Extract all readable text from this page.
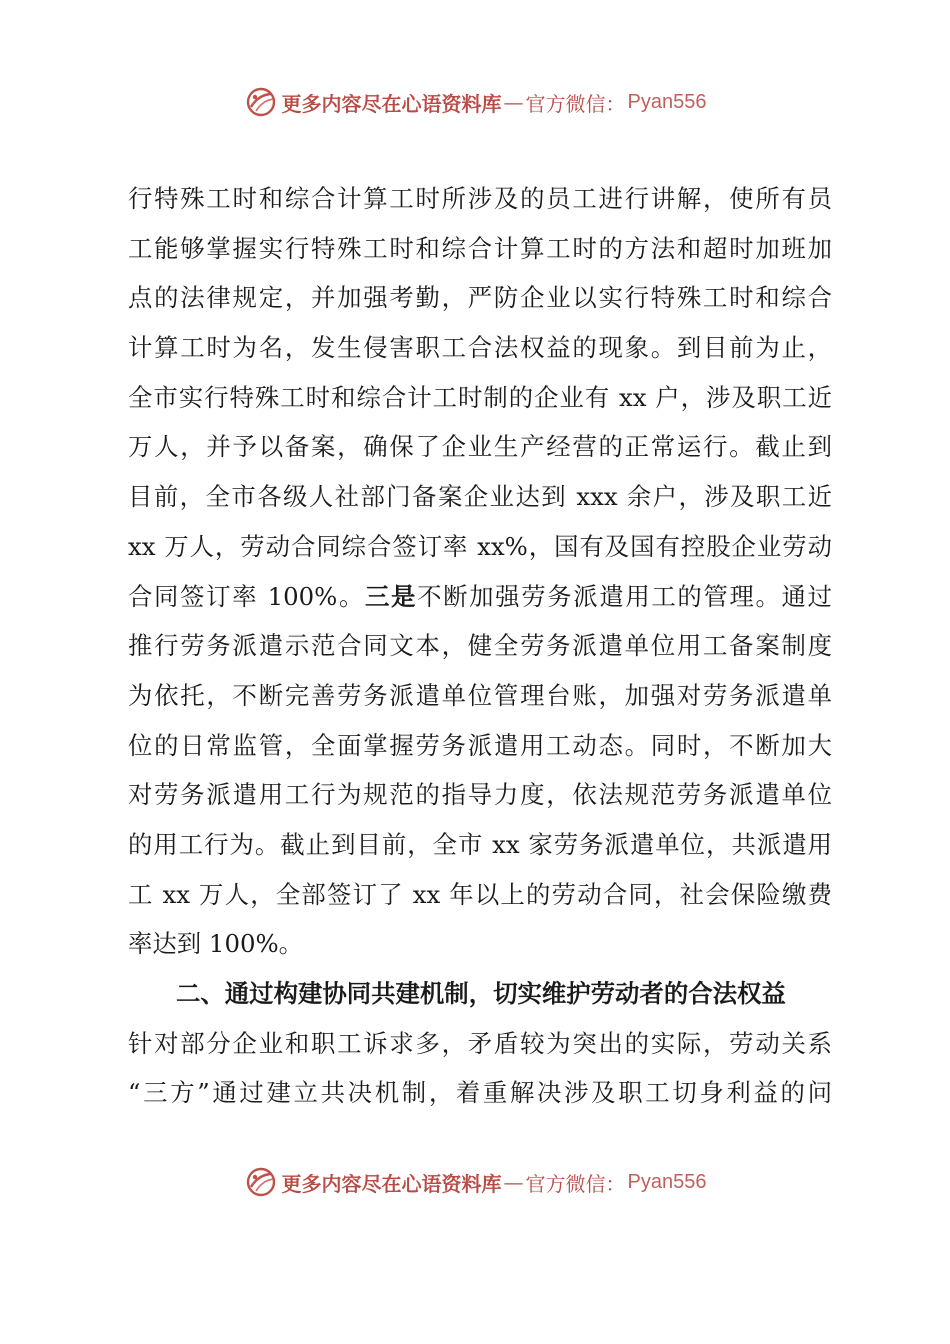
更多内容尽在心语资料库 — 官方微信： Pyan556
行特殊工时和综合计算工时所涉及的员工进行讲解，使所有员
工能够掌握实行特殊工时和综合计算工时的方法和超时加班加
点的法律规定，并加强考勤，严防企业以实行特殊工时和综合
计算工时为名，发生侵害职工合法权益的现象。到目前为止，
全市实行特殊工时和综合计工时制的企业有 xx 户，涉及职工近
万人，并予以备案，确保了企业生产经营的正常运行。截止到
目前，全市各级人社部门备案企业达到 xxx 余户，涉及职工近
xx 万人，劳动合同综合签订率 xx%，国有及国有控股企业劳动
合同签订率 100%。三是不断加强劳务派遣用工的管理。通过
推行劳务派遣示范合同文本，健全劳务派遣单位用工备案制度
为依托，不断完善劳务派遣单位管理台账，加强对劳务派遣单
位的日常监管，全面掌握劳务派遣用工动态。同时，不断加大
对劳务派遣用工行为规范的指导力度，依法规范劳务派遣单位
的用工行为。截止到目前，全市 xx 家劳务派遣单位，共派遣用
工 xx 万人，全部签订了 xx 年以上的劳动合同，社会保险缴费
率达到 100%。
二、通过构建协同共建机制，切实维护劳动者的合法权益
针对部分企业和职工诉求多，矛盾较为突出的实际，劳动关系
“三方”通过建立共决机制，着重解决涉及职工切身利益的问
更多内容尽在心语资料库 — 官方微信： Pyan556
